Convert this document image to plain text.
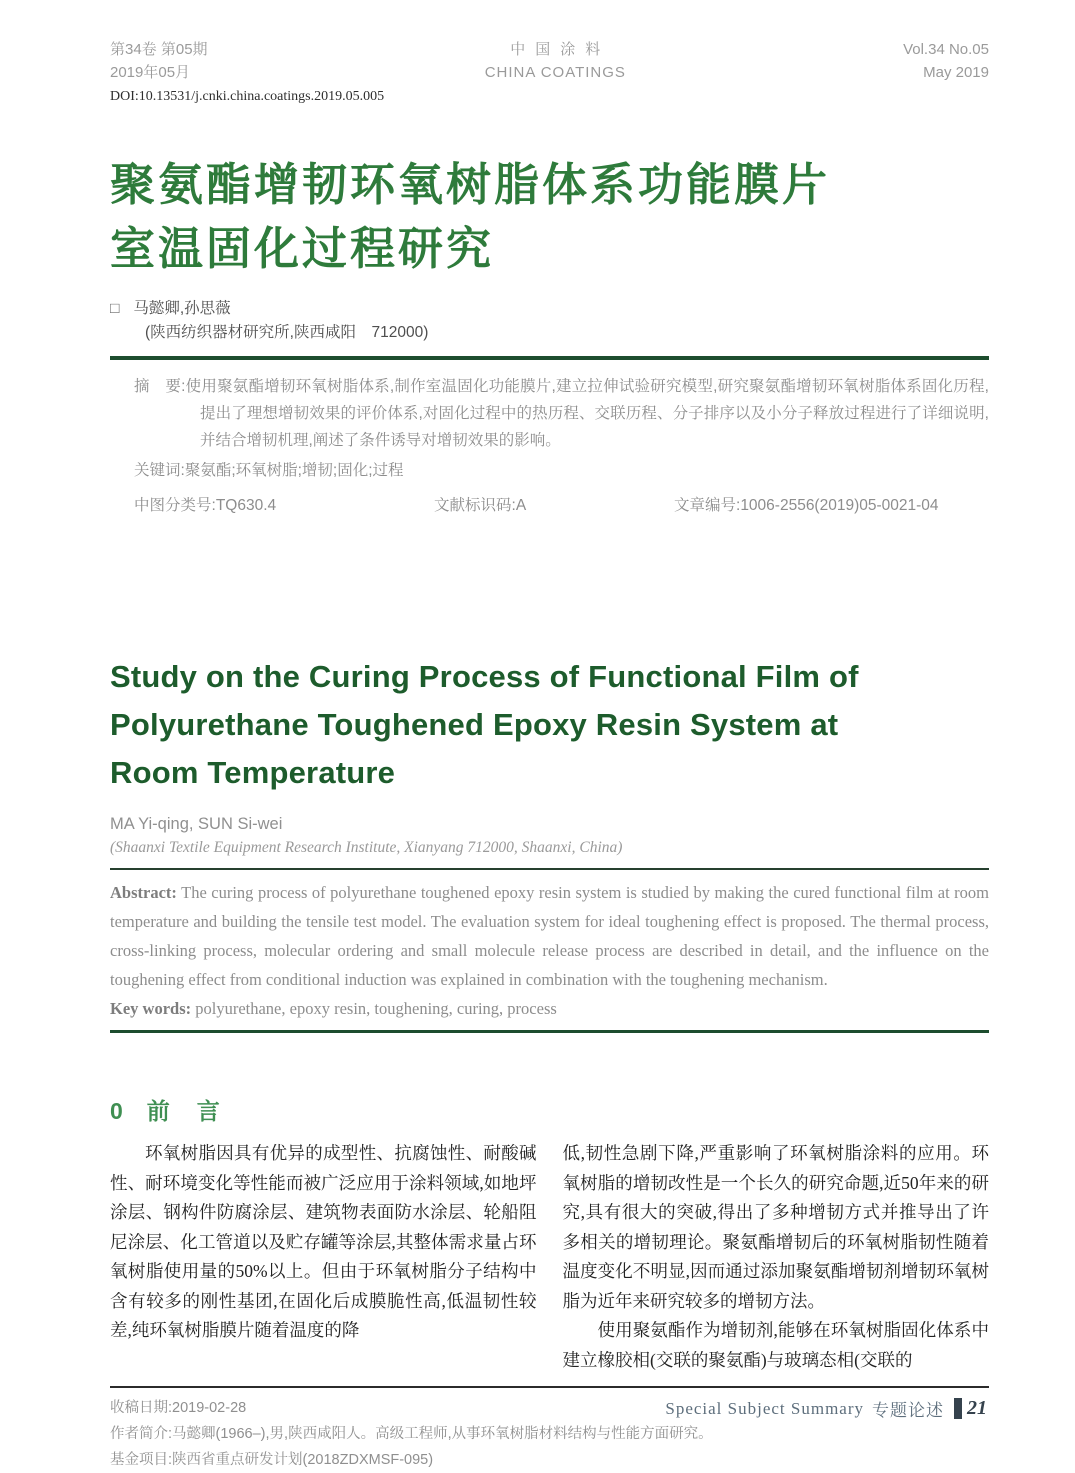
第34卷 第05期
2019年05月
中国涂料
CHINA COATINGS
Vol.34 No.05
May 2019
DOI:10.13531/j.cnki.china.coatings.2019.05.005
聚氨酯增韧环氧树脂体系功能膜片
室温固化过程研究
□ 马懿卿,孙思薇
(陕西纺织器材研究所,陕西咸阳　712000)

摘　要:使用聚氨酯增韧环氧树脂体系,制作室温固化功能膜片,建立拉伸试验研究模型,研究聚氨酯增韧环氧树脂体系固化历程,提出了理想增韧效果的评价体系,对固化过程中的热历程、交联历程、分子排序以及小分子释放过程进行了详细说明,并结合增韧机理,阐述了条件诱导对增韧效果的影响。

关键词:聚氨酯;环氧树脂;增韧;固化;过程
中图分类号:TQ630.4	文献标识码:A	文章编号:1006-2556(2019)05-0021-04
Study on the Curing Process of Functional Film of Polyurethane Toughened Epoxy Resin System at Room Temperature
MA Yi-qing, SUN Si-wei
(Shaanxi Textile Equipment Research Institute, Xianyang 712000, Shaanxi, China)

Abstract: The curing process of polyurethane toughened epoxy resin system is studied by making the cured functional film at room temperature and building the tensile test model. The evaluation system for ideal toughening effect is proposed. The thermal process, cross-linking process, molecular ordering and small molecule release process are described in detail, and the influence on the toughening effect from conditional induction was explained in combination with the toughening mechanism.

Key words: polyurethane, epoxy resin, toughening, curing, process
0 前　言

环氧树脂因具有优异的成型性、抗腐蚀性、耐酸碱性、耐环境变化等性能而被广泛应用于涂料领域,如地坪涂层、钢构件防腐涂层、建筑物表面防水涂层、轮船阻尼涂层、化工管道以及贮存罐等涂层,其整体需求量占环氧树脂使用量的50%以上。但由于环氧树脂分子结构中含有较多的刚性基团,在固化后成膜脆性高,低温韧性较差,纯环氧树脂膜片随着温度的降

低,韧性急剧下降,严重影响了环氧树脂涂料的应用。环氧树脂的增韧改性是一个长久的研究命题,近50年来的研究,具有很大的突破,得出了多种增韧方式并推导出了许多相关的增韧理论。聚氨酯增韧后的环氧树脂韧性随着温度变化不明显,因而通过添加聚氨酯增韧剂增韧环氧树脂为近年来研究较多的增韧方法。

使用聚氨酯作为增韧剂,能够在环氧树脂固化体系中建立橡胶相(交联的聚氨酯)与玻璃态相(交联的

收稿日期:2019-02-28
作者简介:马懿卿(1966–),男,陕西咸阳人。高级工程师,从事环氧树脂材料结构与性能方面研究。
基金项目:陕西省重点研发计划(2018ZDXMSF-095)
Special Subject Summary 专题论述 21
